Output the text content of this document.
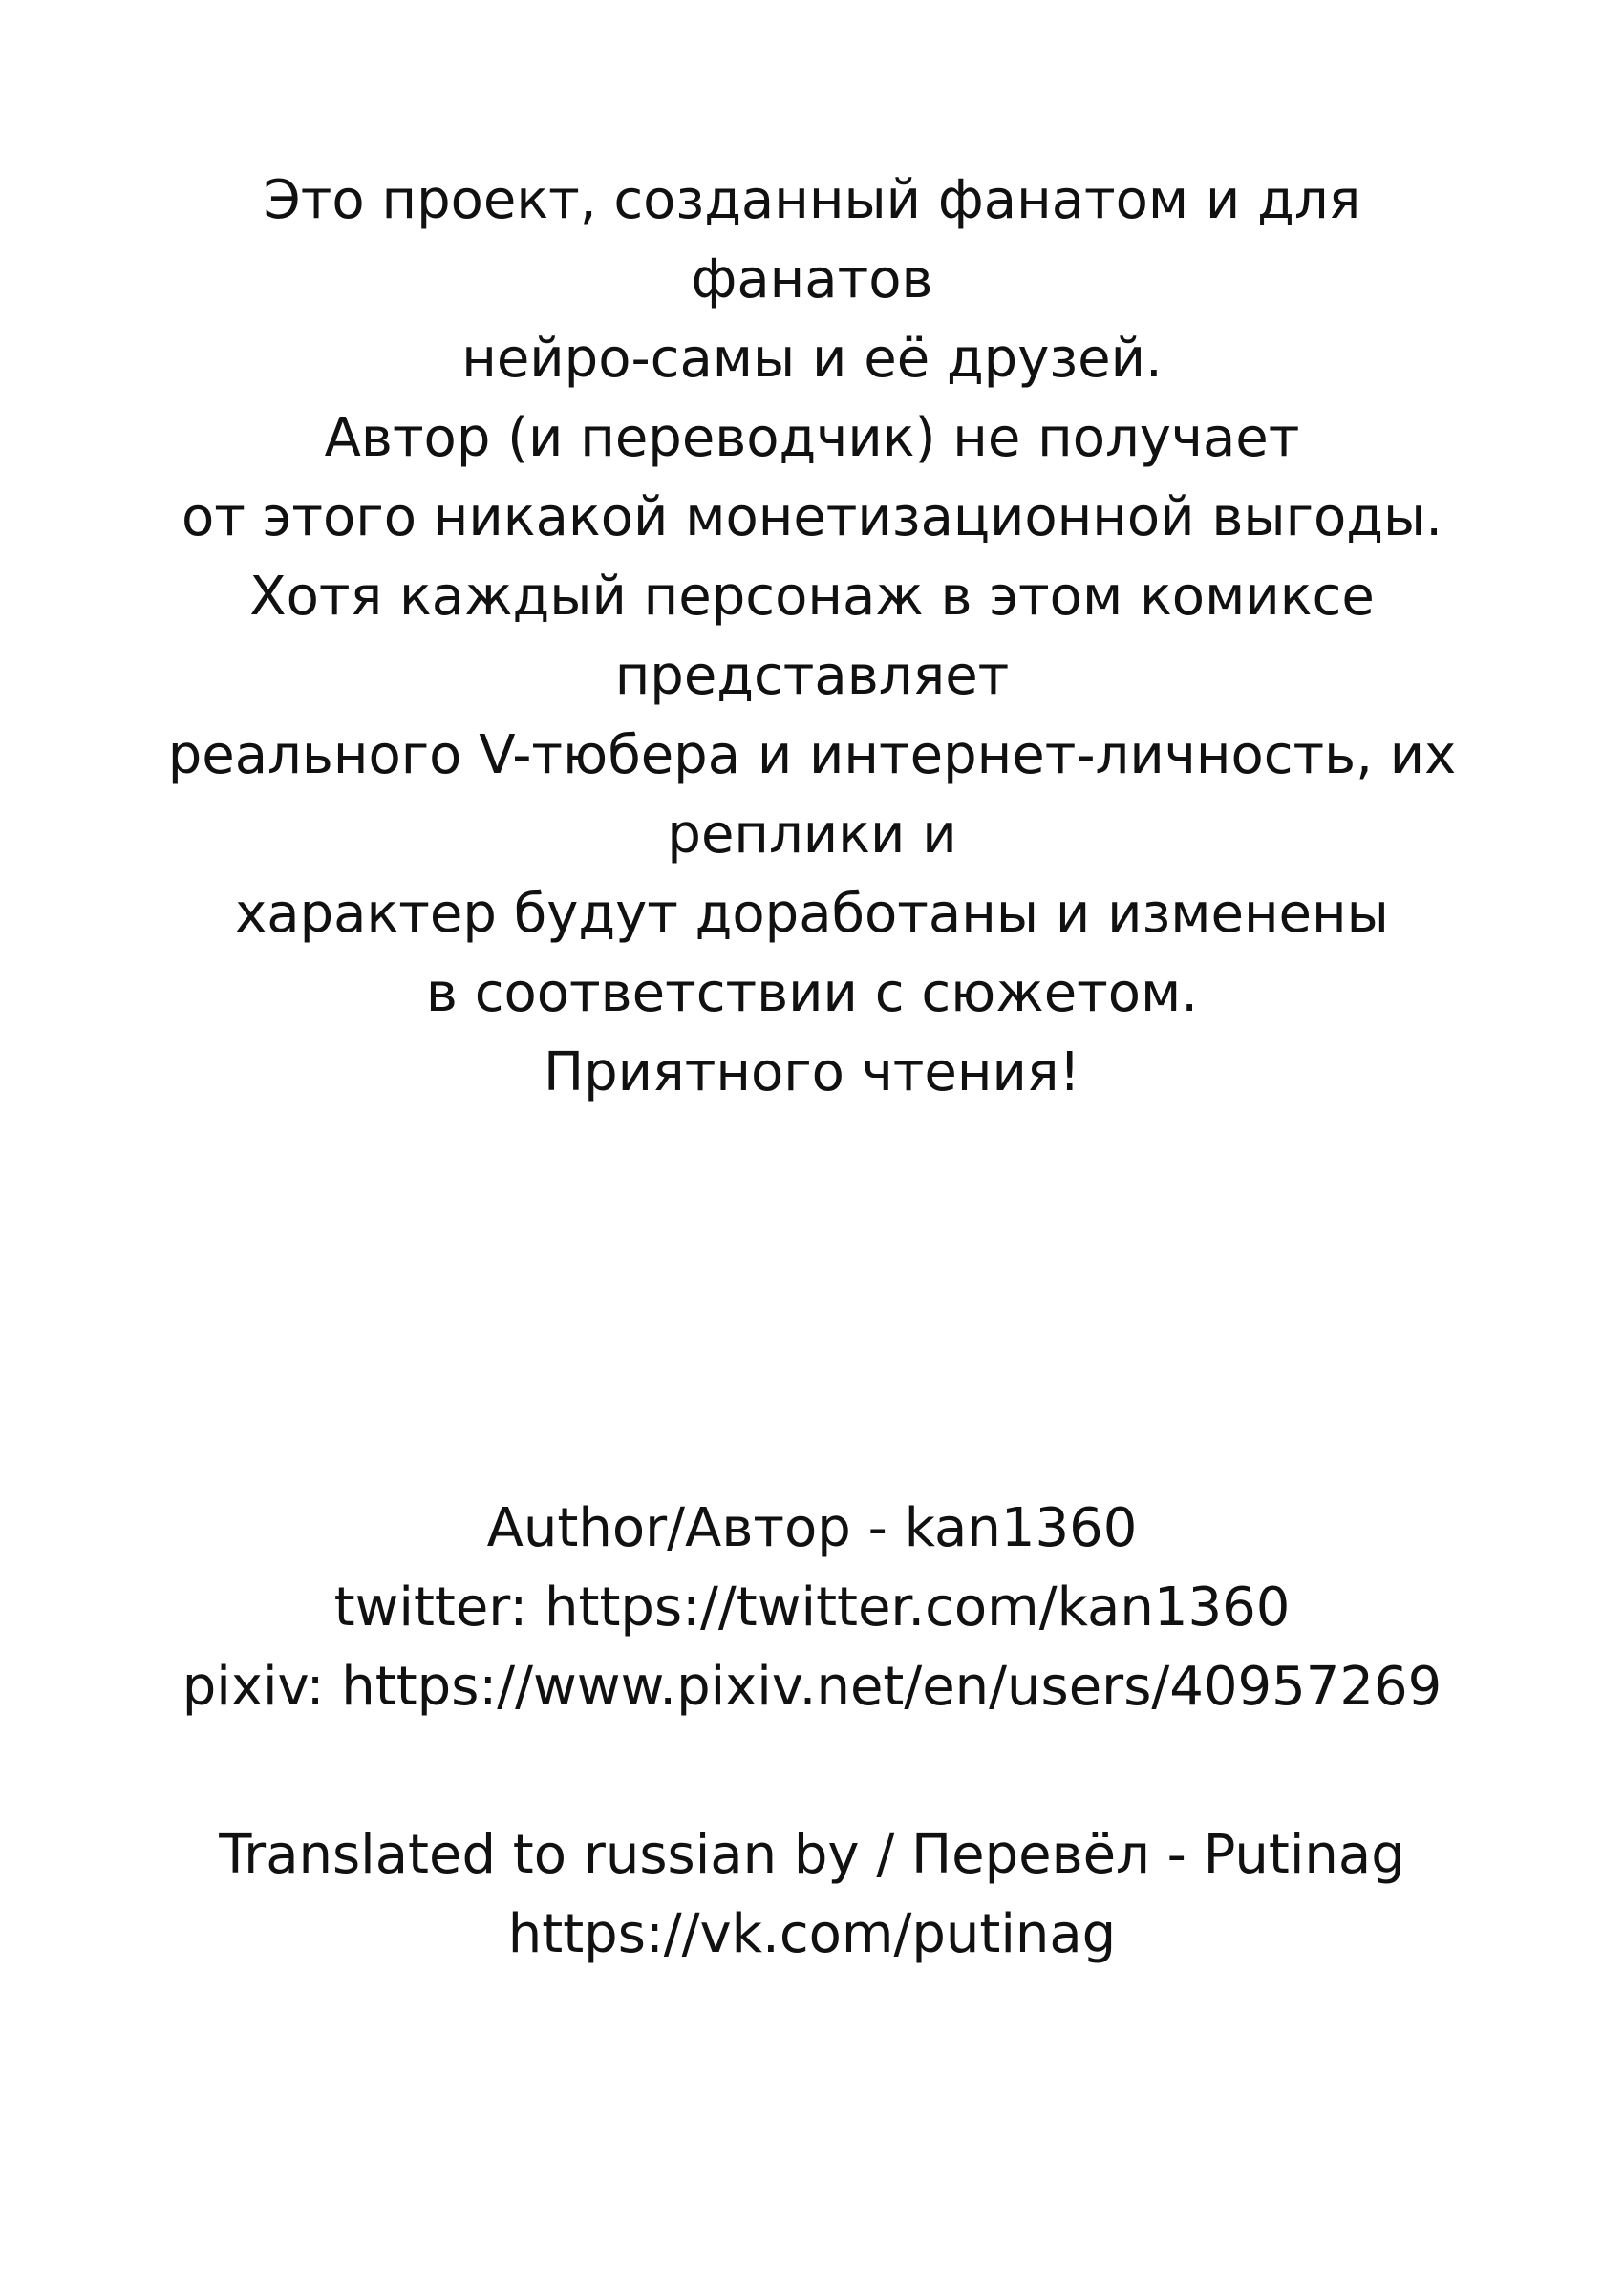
Это проект, созданный фанатом и для
фанатов
нейро-самы и её друзей.
Автор (и переводчик) не получает
от этого никакой монетизационной выгоды.
Хотя каждый персонаж в этом комиксе
представляет
реального V-тюбера и интернет-личность, их
реплики и
характер будут доработаны и изменены
в соответствии с сюжетом.
Приятного чтения!
Author/Автор - kan1360
twitter: https://twitter.com/kan1360
pixiv: https://www.pixiv.net/en/users/40957269
Translated to russian by / Перевёл - Putinag
https://vk.com/putinag
